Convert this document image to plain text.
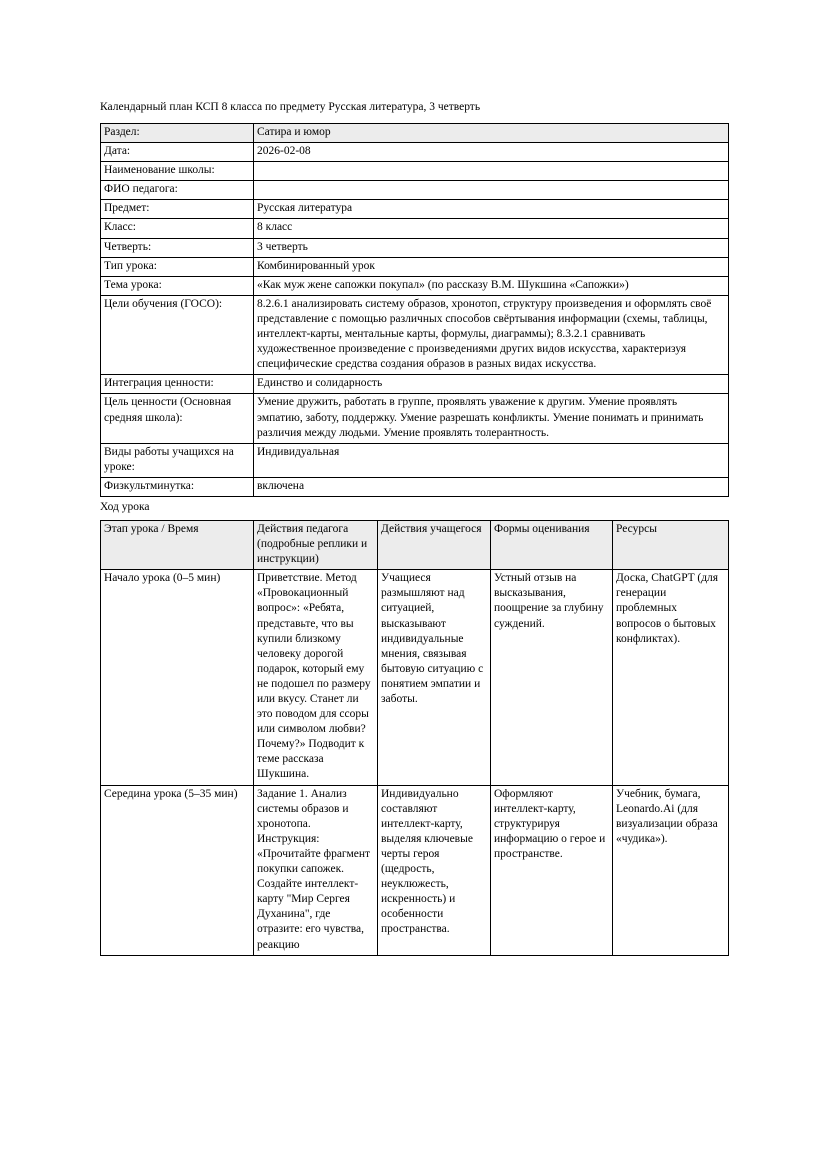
Календарный план КСП 8 класса по предмету Русская литература, 3 четверть
Раздел:	Сатира и юмор
Дата:	2026-02-08
Наименование школы:	
ФИО педагога:	
Предмет:	Русская литература
Класс:	8 класс
Четверть:	3 четверть
Тип урока:	Комбинированный урок
Тема урока:	«Как муж жене сапожки покупал» (по рассказу В.М. Шукшина «Сапожки»)
Цели обучения (ГОСО):	8.2.6.1 анализировать систему образов, хронотоп, структуру произведения и оформлять своё представление с помощью различных способов свёртывания информации (схемы, таблицы, интеллект-карты, ментальные карты, формулы, диаграммы); 8.3.2.1 сравнивать художественное произведение с произведениями других видов искусства, характеризуя специфические средства создания образов в разных видах искусства.
Интеграция ценности:	Единство и солидарность
Цель ценности (Основная средняя школа):	Умение дружить, работать в группе, проявлять уважение к другим. Умение проявлять эмпатию, заботу, поддержку. Умение разрешать конфликты. Умение понимать и принимать различия между людьми. Умение проявлять толерантность.
Виды работы учащихся на уроке:	Индивидуальная
Физкультминутка:	включена
Ход урока
Этап урока / Время	Действия педагога (подробные реплики и инструкции)	Действия учащегося	Формы оценивания	Ресурсы
Начало урока (0–5 мин)	Приветствие. Метод «Провокационный вопрос»: «Ребята, представьте, что вы купили близкому человеку дорогой подарок, который ему не подошел по размеру или вкусу. Станет ли это поводом для ссоры или символом любви? Почему?» Подводит к теме рассказа Шукшина.	Учащиеся размышляют над ситуацией, высказывают индивидуальные мнения, связывая бытовую ситуацию с понятием эмпатии и заботы.	Устный отзыв на высказывания, поощрение за глубину суждений.	Доска, ChatGPT (для генерации проблемных вопросов о бытовых конфликтах).
Середина урока (5–35 мин)	Задание 1. Анализ системы образов и хронотопа. Инструкция: «Прочитайте фрагмент покупки сапожек. Создайте интеллект-карту "Мир Сергея Духанина", где отразите: его чувства, реакцию	Индивидуально составляют интеллект-карту, выделяя ключевые черты героя (щедрость, неуклюжесть, искренность) и особенности пространства.	Оформляют интеллект-карту, структурируя информацию о герое и пространстве.	Учебник, бумага, Leonardo.Ai (для визуализации образа «чудика»).
